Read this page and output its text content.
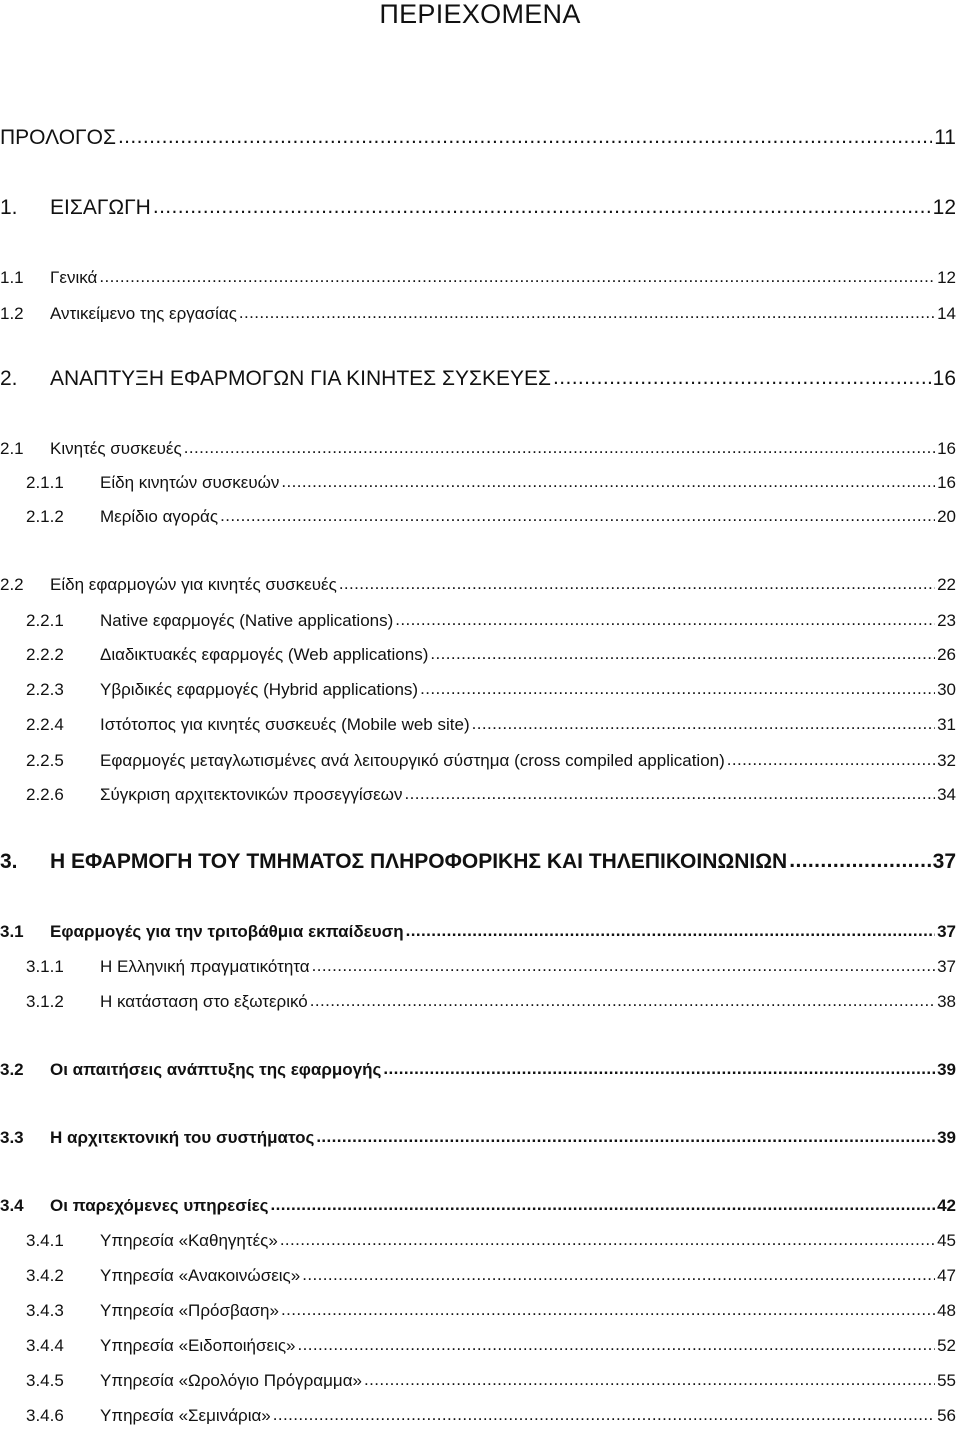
ΠΕΡΙΕΧΟΜΕΝΑ
ΠΡΟΛΟΓΟΣ .....	11
1.	ΕΙΣΑΓΩΓΗ .....	12
1.1	Γενικά .....	12
1.2	Αντικείμενο της εργασίας .....	14
2.	ΑΝΑΠΤΥΞΗ ΕΦΑΡΜΟΓΩΝ ΓΙΑ ΚΙΝΗΤΕΣ ΣΥΣΚΕΥΕΣ .....	16
2.1	Κινητές συσκευές .....	16
2.1.1	Είδη κινητών συσκευών .....	16
2.1.2	Μερίδιο αγοράς .....	20
2.2	Είδη εφαρμογών για κινητές συσκευές .....	22
2.2.1	Native εφαρμογές (Native applications) .....	23
2.2.2	Διαδικτυακές εφαρμογές (Web applications) .....	26
2.2.3	Υβριδικές εφαρμογές (Hybrid applications) .....	30
2.2.4	Ιστότοπος για κινητές συσκευές (Mobile web site) .....	31
2.2.5	Εφαρμογές μεταγλωτισμένες ανά λειτουργικό σύστημα (cross compiled application) .....	32
2.2.6	Σύγκριση αρχιτεκτονικών προσεγγίσεων .....	34
3.	Η ΕΦΑΡΜΟΓΗ ΤΟΥ ΤΜΗΜΑΤΟΣ ΠΛΗΡΟΦΟΡΙΚΗΣ ΚΑΙ ΤΗΛΕΠΙΚΟΙΝΩΝΙΩΝ .....	37
3.1	Εφαρμογές για την τριτοβάθμια εκπαίδευση .....	37
3.1.1	Η Ελληνική πραγματικότητα .....	37
3.1.2	Η κατάσταση στο εξωτερικό .....	38
3.2	Οι απαιτήσεις ανάπτυξης της εφαρμογής .....	39
3.3	Η αρχιτεκτονική του συστήματος .....	39
3.4	Οι παρεχόμενες υπηρεσίες .....	42
3.4.1	Υπηρεσία «Καθηγητές» .....	45
3.4.2	Υπηρεσία «Ανακοινώσεις» .....	47
3.4.3	Υπηρεσία «Πρόσβαση» .....	48
3.4.4	Υπηρεσία «Ειδοποιήσεις» .....	52
3.4.5	Υπηρεσία «Ωρολόγιο Πρόγραμμα» .....	55
3.4.6	Υπηρεσία «Σεμινάρια» .....	56
